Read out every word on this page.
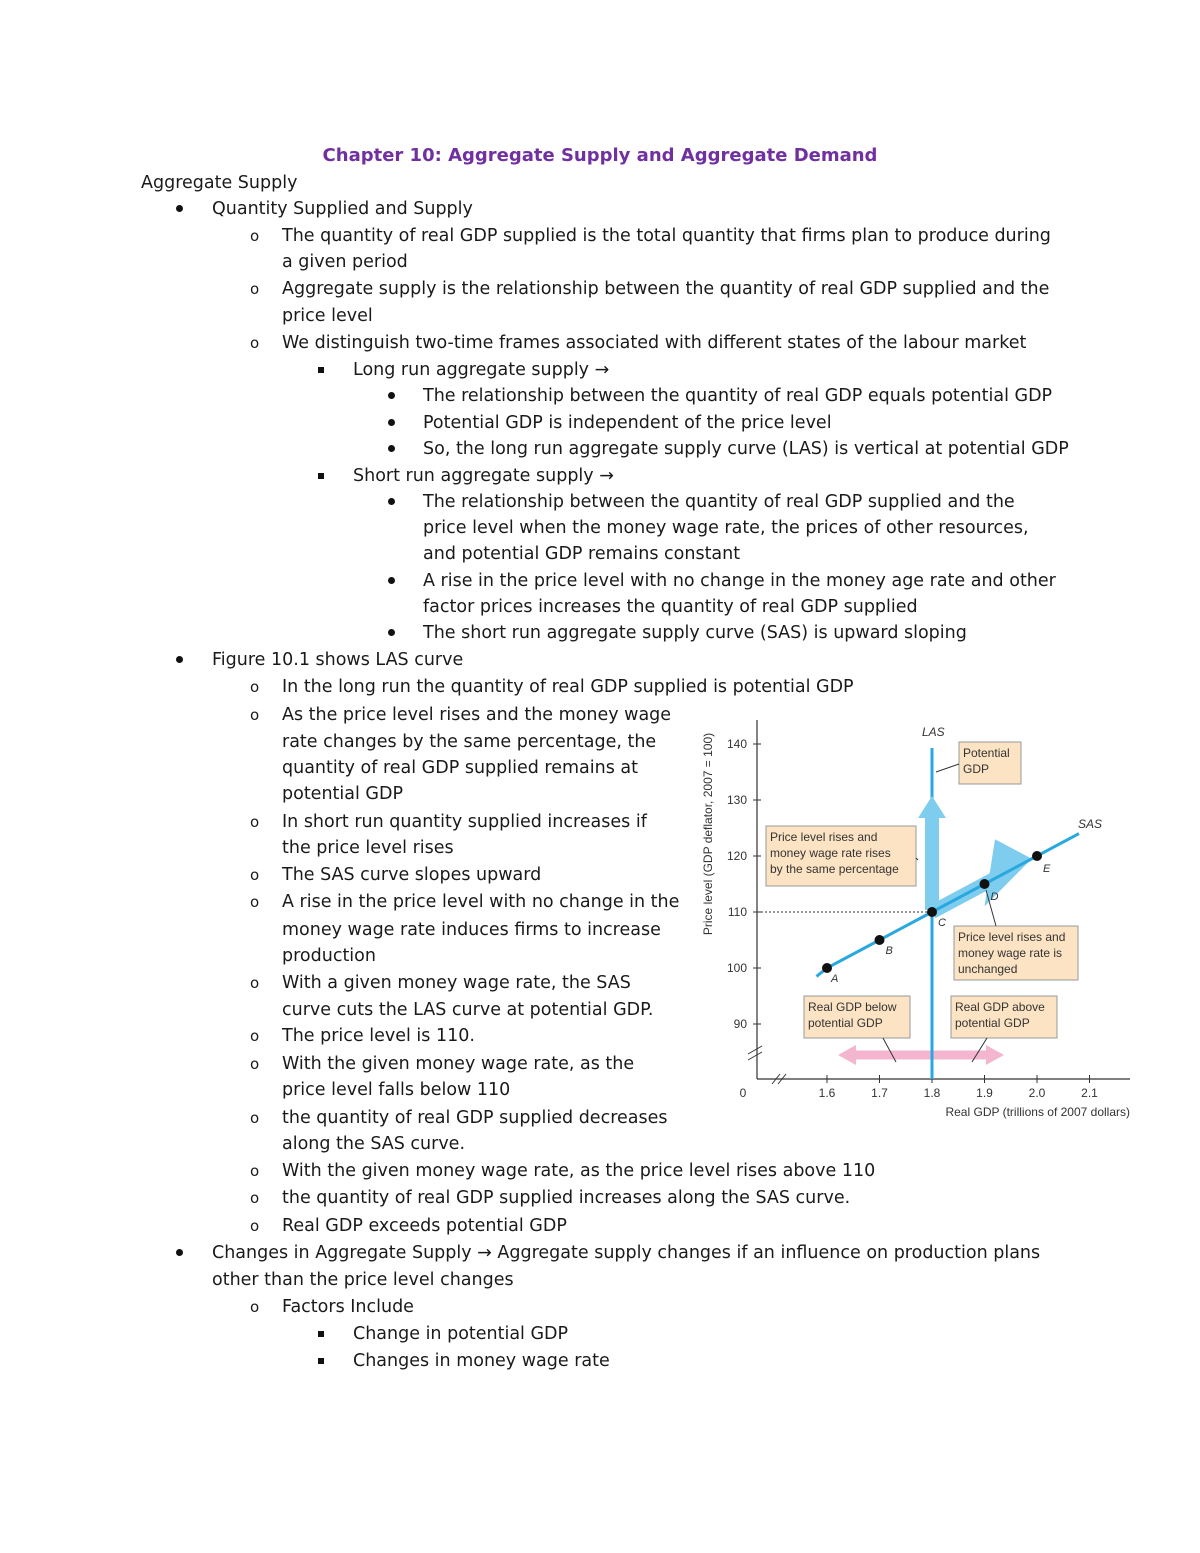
Chapter 10: Aggregate Supply and Aggregate Demand
Aggregate Supply
Quantity Supplied and Supply
o The quantity of real GDP supplied is the total quantity that firms plan to produce during
a given period
o Aggregate supply is the relationship between the quantity of real GDP supplied and the
price level
o We distinguish two-time frames associated with different states of the labour market
Long run aggregate supply →
The relationship between the quantity of real GDP equals potential GDP
Potential GDP is independent of the price level
So, the long run aggregate supply curve (LAS) is vertical at potential GDP
Short run aggregate supply →
The relationship between the quantity of real GDP supplied and the
price level when the money wage rate, the prices of other resources,
and potential GDP remains constant
A rise in the price level with no change in the money age rate and other
factor prices increases the quantity of real GDP supplied
The short run aggregate supply curve (SAS) is upward sloping
Figure 10.1 shows LAS curve
o In the long run the quantity of real GDP supplied is potential GDP
o As the price level rises and the money wage
rate changes by the same percentage, the
quantity of real GDP supplied remains at
potential GDP
o In short run quantity supplied increases if
the price level rises
o The SAS curve slopes upward
o A rise in the price level with no change in the
money wage rate induces firms to increase
production
o With a given money wage rate, the SAS
curve cuts the LAS curve at potential GDP.
o The price level is 110.
o With the given money wage rate, as the
price level falls below 110
o the quantity of real GDP supplied decreases
along the SAS curve.
o With the given money wage rate, as the price level rises above 110
o the quantity of real GDP supplied increases along the SAS curve.
o Real GDP exceeds potential GDP
Changes in Aggregate Supply → Aggregate supply changes if an influence on production plans
other than the price level changes
o Factors Include
Change in potential GDP
Changes in money wage rate
90
100
110
120
130
140
0	1.6	1.7	1.8	1.9	2.0	2.1
Real GDP (trillions of 2007 dollars)
Price level (GDP deflator, 2007 = 100)
LAS
SAS
A
B
C
D
E
Potential
GDP
Price level rises and
money wage rate rises
by the same percentage
Price level rises and
money wage rate is
unchanged
Real GDP below
potential GDP
Real GDP above
potential GDP
